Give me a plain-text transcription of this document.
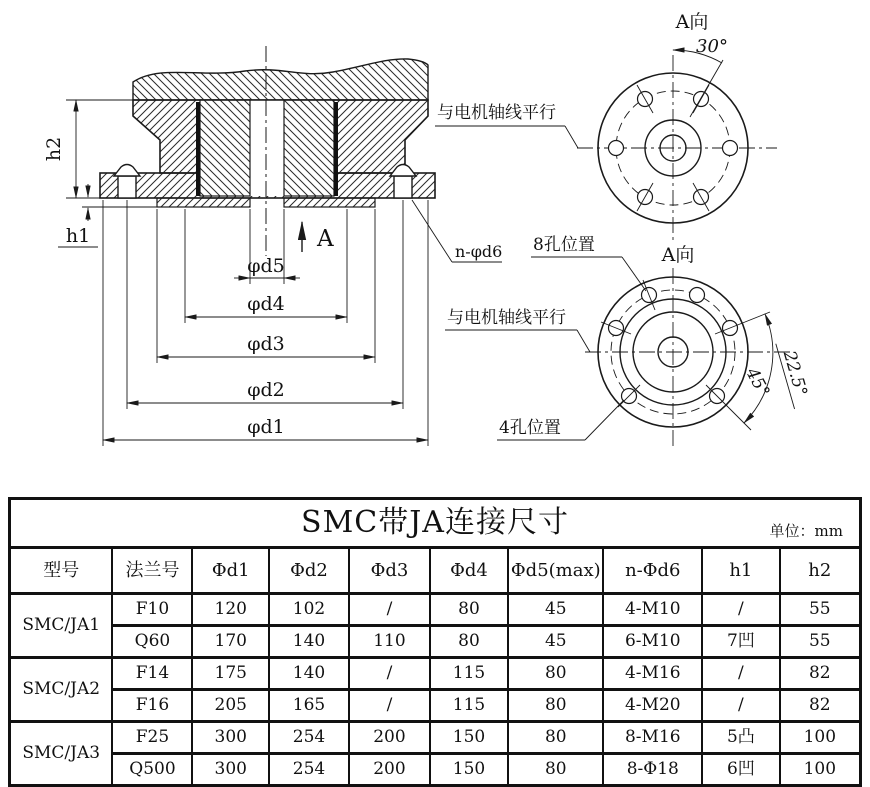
h2
h1
φd5
φd4
φd3
φd2
φd1
A	n-φd6
A向
30°
与电机轴线平行
A向
45° 22.5°
8孔位置
与电机轴线平行
4孔位置
SMC带JA连接尺寸 单位：mm									

型号	法兰号	Φd1	Φd2	Φd3	Φd4	Φd5(max)	n-Φd6	h1	h2
SMC/JA1	F10	120	102	/	80	45	4-M10	/	55
	Q60	170	140	110	80	45	6-M10	7凹	55
SMC/JA2	F14	175	140	/	115	80	4-M16	/	82
	F16	205	165	/	115	80	4-M20	/	82
SMC/JA3	F25	300	254	200	150	80	8-M16	5凸	100
	Q500	300	254	200	150	80	8-Φ18	6凹	100
